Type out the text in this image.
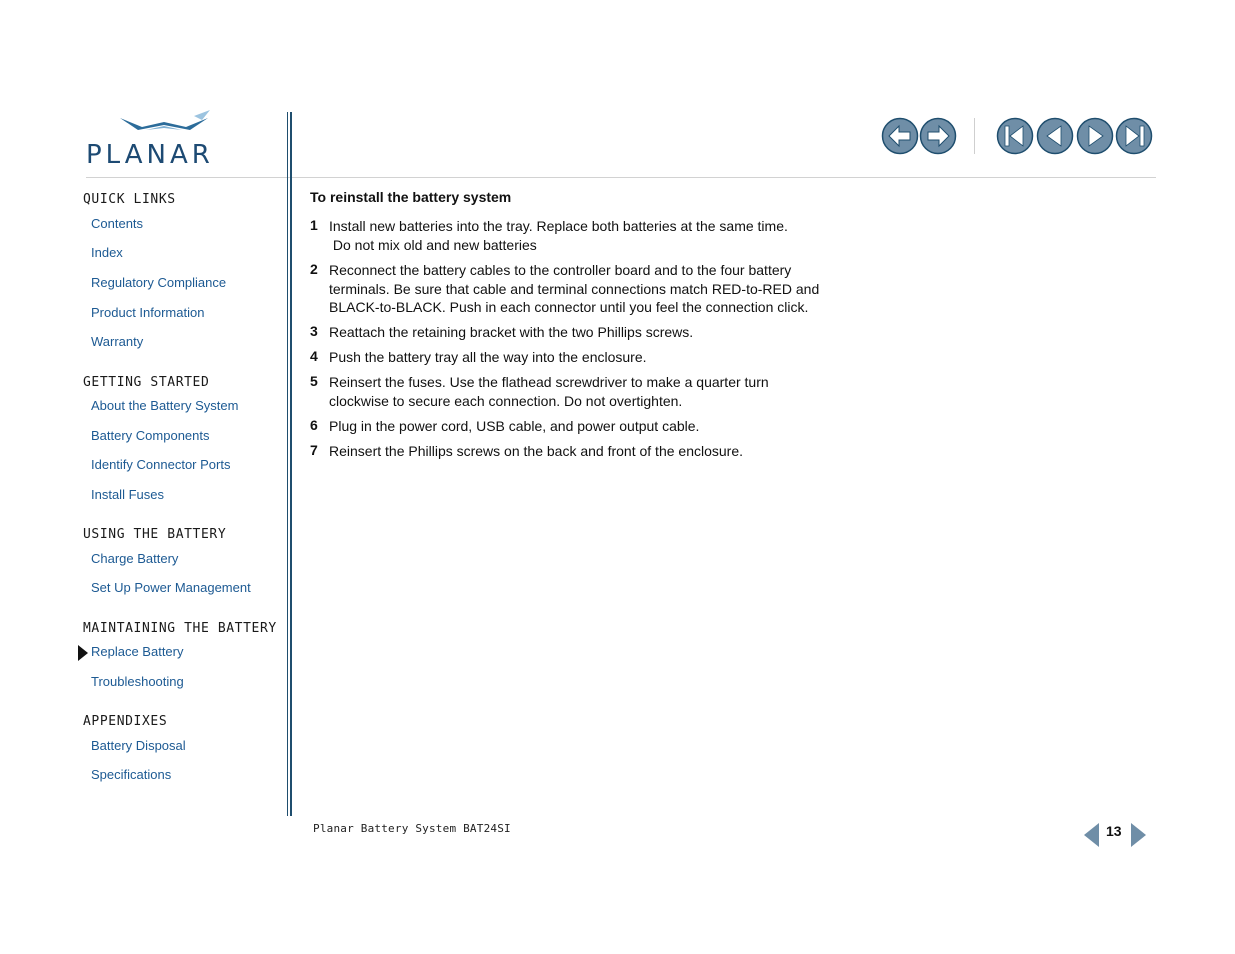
PLANAR
QUICK LINKS
Contents
Index
Regulatory Compliance
Product Information
Warranty
GETTING STARTED
About the Battery System
Battery Components
Identify Connector Ports
Install Fuses
USING THE BATTERY
Charge Battery
Set Up Power Management
MAINTAINING THE BATTERY
Replace Battery
Troubleshooting
APPENDIXES
Battery Disposal
Specifications
To reinstall the battery system
1 Install new batteries into the tray. Replace both batteries at the same time.
Do not mix old and new batteries
2 Reconnect the battery cables to the controller board and to the four battery
terminals. Be sure that cable and terminal connections match RED-to-RED and
BLACK-to-BLACK. Push in each connector until you feel the connection click.
3 Reattach the retaining bracket with the two Phillips screws.
4 Push the battery tray all the way into the enclosure.
5 Reinsert the fuses. Use the flathead screwdriver to make a quarter turn
clockwise to secure each connection. Do not overtighten.
6 Plug in the power cord, USB cable, and power output cable.
7 Reinsert the Phillips screws on the back and front of the enclosure.
Planar Battery System BAT24SI	13
